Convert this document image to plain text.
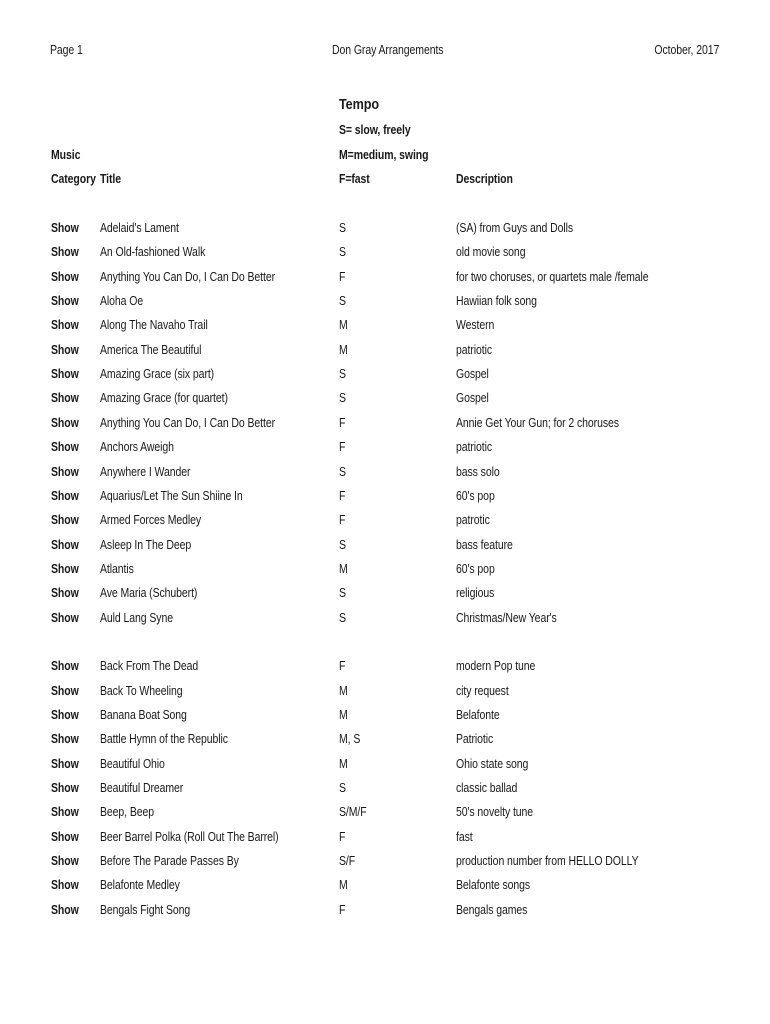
Page 1	Don Gray Arrangements	October, 2017
Tempo
S= slow, freely
M=medium, swing
F=fast
Music
Category Title	Description
Show Adelaid's Lament	S	(SA) from Guys and Dolls
Show An Old-fashioned Walk	S	old movie song
Show Anything You Can Do, I Can Do Better	F	for two choruses, or quartets male /female
Show Aloha Oe	S	Hawiian folk song
Show Along The Navaho Trail	M	Western
Show America The Beautiful	M	patriotic
Show Amazing Grace (six part)	S	Gospel
Show Amazing Grace (for quartet)	S	Gospel
Show Anything You Can Do, I Can Do Better	F	Annie Get Your Gun; for 2 choruses
Show Anchors Aweigh	F	patriotic
Show Anywhere I Wander	S	bass solo
Show Aquarius/Let The Sun Shiine In	F	60's pop
Show Armed Forces Medley	F	patrotic
Show Asleep In The Deep	S	bass feature
Show Atlantis	M	60's pop
Show Ave Maria (Schubert)	S	religious
Show Auld Lang Syne	S	Christmas/New Year's
Show Back From The Dead	F	modern Pop tune
Show Back To Wheeling	M	city request
Show Banana Boat Song	M	Belafonte
Show Battle Hymn of the Republic	M, S	Patriotic
Show Beautiful Ohio	M	Ohio state song
Show Beautiful Dreamer	S	classic ballad
Show Beep, Beep	S/M/F	50's novelty tune
Show Beer Barrel Polka (Roll Out The Barrel)	F	fast
Show Before The Parade Passes By	S/F	production number from HELLO DOLLY
Show Belafonte Medley	M	Belafonte songs
Show Bengals Fight Song	F	Bengals games
